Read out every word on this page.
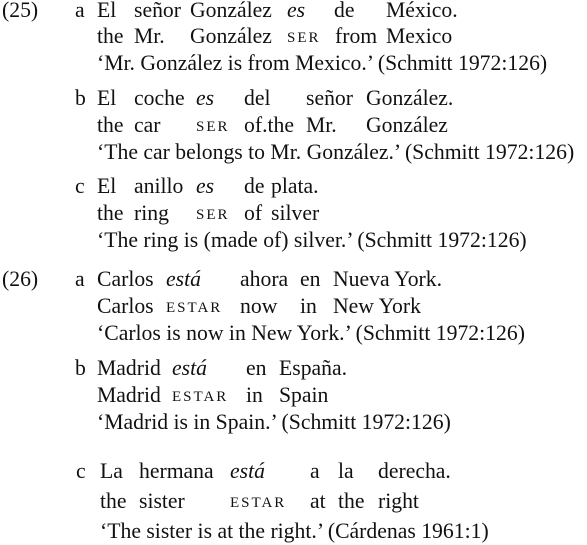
(25) a El señor González es de México.
the Mr. González SER from Mexico
‘Mr. González is from Mexico.’ (Schmitt 1972:126)
b El coche es del señor González.
the car SER of.the Mr. González
‘The car belongs to Mr. González.’ (Schmitt 1972:126)
c El anillo es de plata.
the ring SER of silver
‘The ring is (made of) silver.’ (Schmitt 1972:126)
(26) a Carlos está ahora en Nueva York.
Carlos ESTAR now in New York
‘Carlos is now in New York.’ (Schmitt 1972:126)
b Madrid está en España.
Madrid ESTAR in Spain
‘Madrid is in Spain.’ (Schmitt 1972:126)
c La hermana está a la derecha.
the sister	ESTAR at the right
‘The sister is at the right.’ (Cárdenas 1961:1)
